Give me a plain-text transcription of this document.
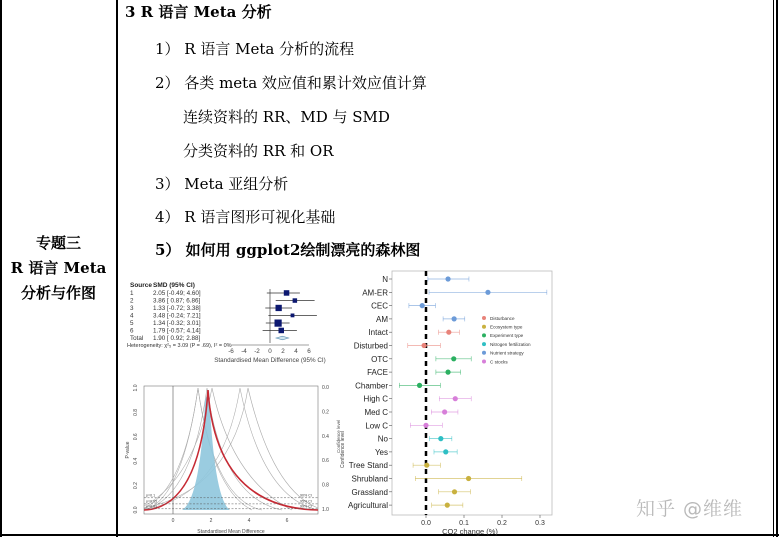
专题三
R 语言 Meta
分析与作图
3 R 语言 Meta 分析
1） R 语言 Meta 分析的流程
2） 各类 meta 效应值和累计效应值计算
连续资料的 RR、MD 与 SMD
分类资料的 RR 和 OR
3） Meta 亚组分析
4） R 语言图形可视化基础
5） 如何用 ggplot2绘制漂亮的森林图
Source SMD (95% CI)
1	2.05 [-0.49; 4.60]
2	3.86 [ 0.87; 6.86]
3	1.33 [-0.72; 3.38]
4	3.48 [-0.24; 7.21]
5	1.34 [-0.32; 3.01]
6	1.79 [-0.57; 4.14]
Total 1.90 [ 0.92; 2.88]
Heterogeneity: χ²₅ = 3.09 (P = .69), I² = 0%
-6 -4 -2 0 2 4 6
Standardised Mean Difference (95% CI)
p=0.1
p=0.05
p=0.01
90% CI
95% CI
99% CI
0.0
0.2
0.4
0.6
0.8
1.0
P-value
1.0
0.8
0.6
0.4
0.2
0.0
Confidence level
0	2	4	6
Standardised Mean Difference
N
AM-ER
CEC
AM
Intact
Disturbed
OTC
FACE
Chamber
High C
Med C
Low C
No
Yes
Tree Stand
Shrubland
Grassland
Agricultural
Disturbance
Ecosystem type
Experiment type
Nitrogen fertilization
Nutrient strategy
C stocks
0.0	0.1	0.2	0.3
CO2 change (%)
Confidence level
知乎 @维维
